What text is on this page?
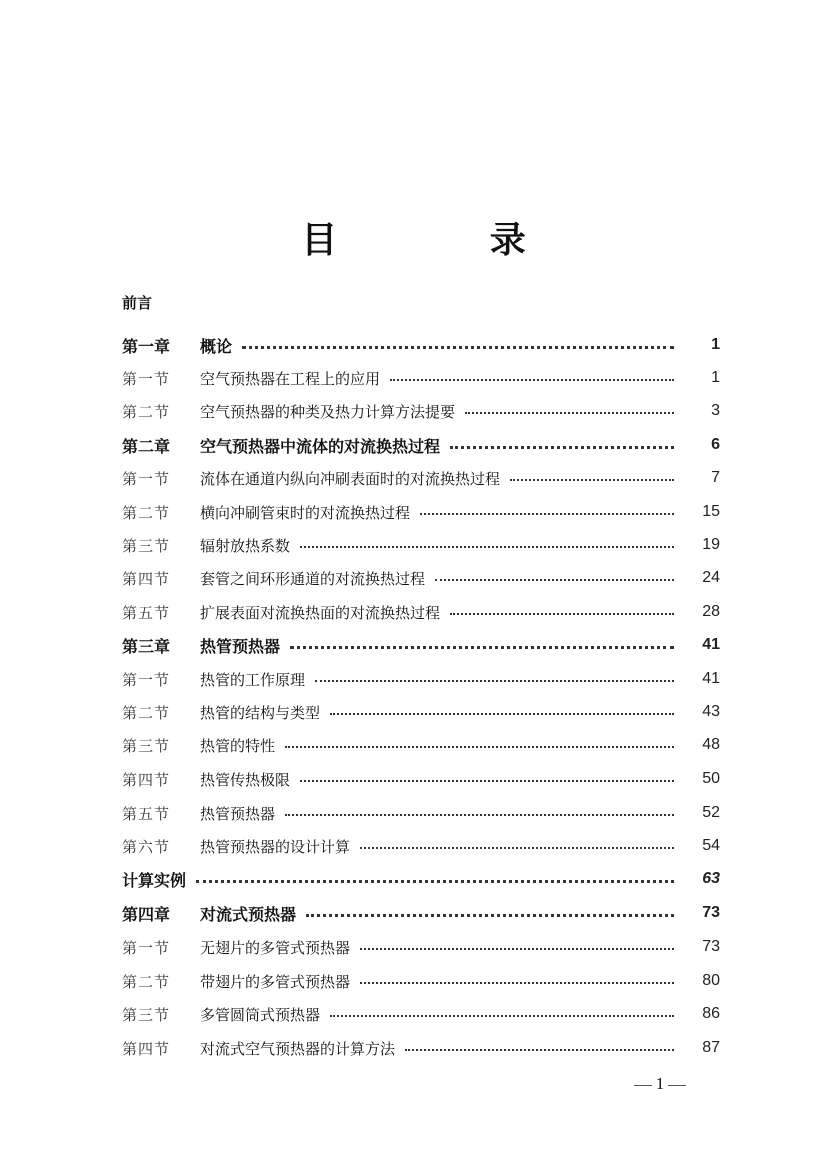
目 录
前言
第一章 概论	1
第一节 空气预热器在工程上的应用	1
第二节 空气预热器的种类及热力计算方法提要	3
第二章 空气预热器中流体的对流换热过程	6
第一节 流体在通道内纵向冲刷表面时的对流换热过程	7
第二节 横向冲刷管束时的对流换热过程	15
第三节 辐射放热系数	19
第四节 套管之间环形通道的对流换热过程	24
第五节 扩展表面对流换热面的对流换热过程	28
第三章 热管预热器	41
第一节 热管的工作原理	41
第二节 热管的结构与类型	43
第三节 热管的特性	48
第四节 热管传热极限	50
第五节 热管预热器	52
第六节 热管预热器的设计计算	54
计算实例	63
第四章 对流式预热器	73
第一节 无翅片的多管式预热器	73
第二节 带翅片的多管式预热器	80
第三节 多管圆筒式预热器	86
第四节 对流式空气预热器的计算方法	87
1
